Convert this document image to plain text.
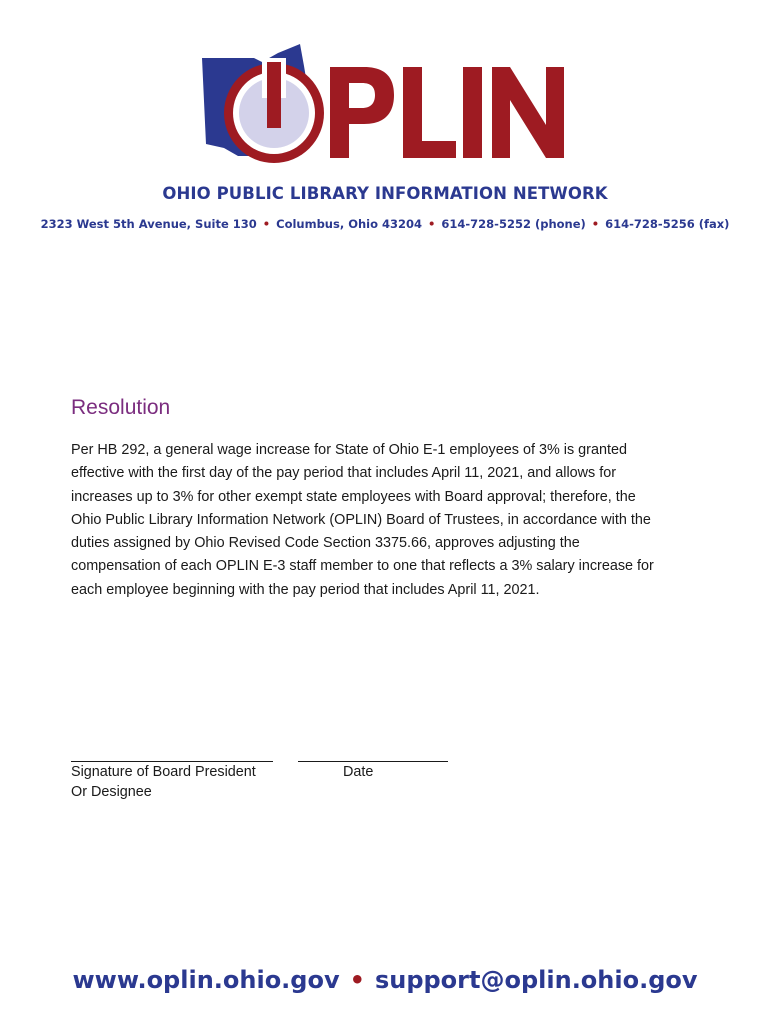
OHIO PUBLIC LIBRARY INFORMATION NETWORK
2323 West 5th Avenue, Suite 130 • Columbus, Ohio 43204 • 614-728-5252 (phone) • 614-728-5256 (fax)
Resolution
Per HB 292, a general wage increase for State of Ohio E-1 employees of 3% is granted
effective with the first day of the pay period that includes April 11, 2021, and allows for
increases up to 3% for other exempt state employees with Board approval; therefore, the
Ohio Public Library Information Network (OPLIN) Board of Trustees, in accordance with the
duties assigned by Ohio Revised Code Section 3375.66, approves adjusting the
compensation of each OPLIN E-3 staff member to one that reflects a 3% salary increase for
each employee beginning with the pay period that includes April 11, 2021.
Signature of Board President
Or Designee
Date
www.oplin.ohio.gov • support@oplin.ohio.gov
